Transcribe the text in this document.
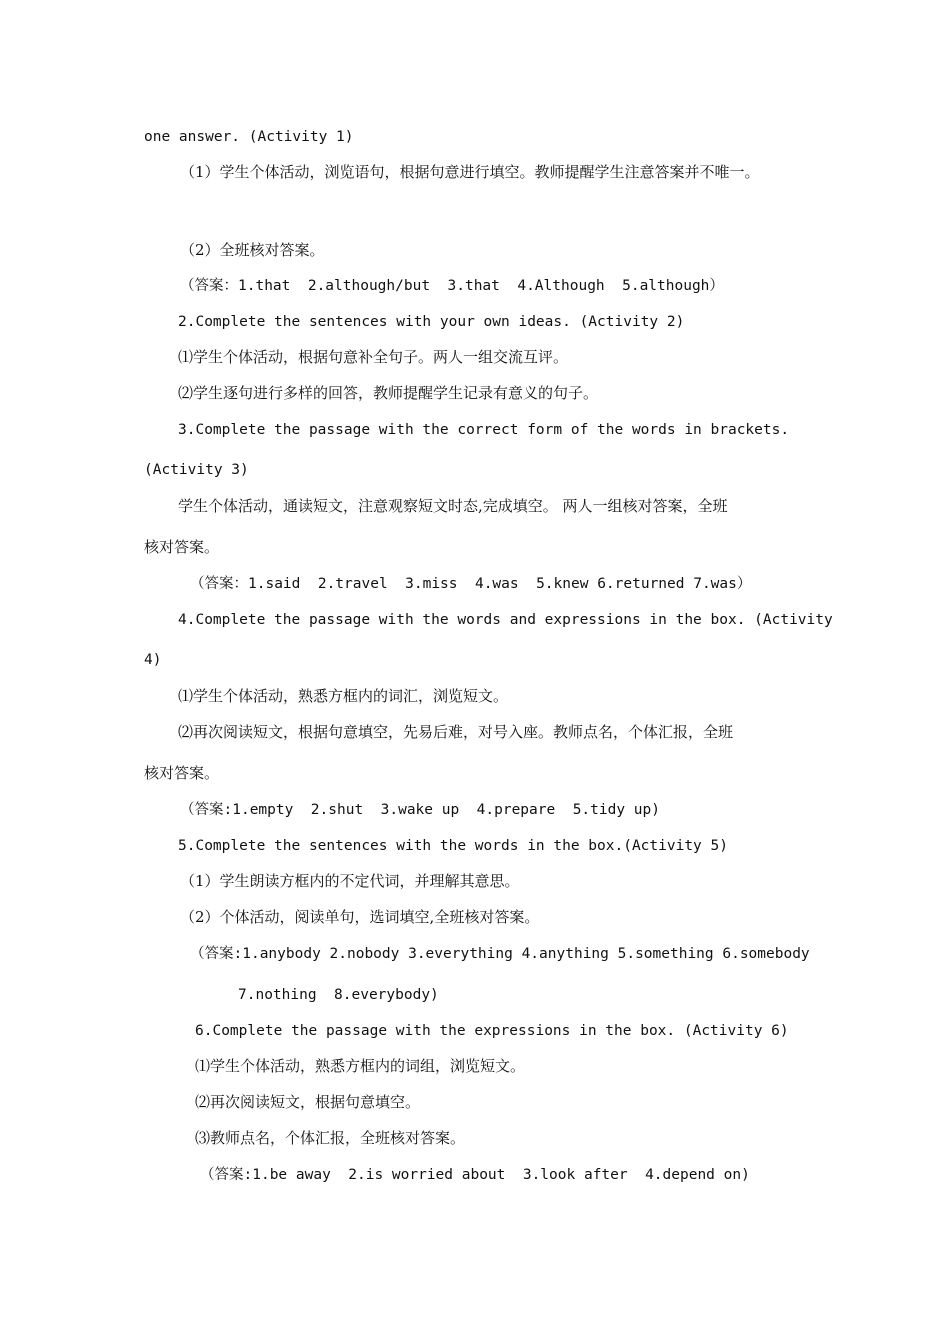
one answer. (Activity 1)
（1）学生个体活动，浏览语句，根据句意进行填空。教师提醒学生注意答案并不唯一。
（2）全班核对答案。
（答案：1.that  2.although/but  3.that  4.Although  5.although）
2.Complete the sentences with your own ideas. (Activity 2)
⑴学生个体活动，根据句意补全句子。两人一组交流互评。
⑵学生逐句进行多样的回答，教师提醒学生记录有意义的句子。
3.Complete the passage with the correct form of the words in brackets.
(Activity 3)
学生个体活动，通读短文，注意观察短文时态,完成填空。 两人一组核对答案，全班
核对答案。
（答案：1.said  2.travel  3.miss  4.was  5.knew 6.returned 7.was）
4.Complete the passage with the words and expressions in the box. (Activity
4)
⑴学生个体活动，熟悉方框内的词汇，浏览短文。
⑵再次阅读短文，根据句意填空，先易后难，对号入座。教师点名，个体汇报，全班
核对答案。
（答案:1.empty  2.shut  3.wake up  4.prepare  5.tidy up)
5.Complete the sentences with the words in the box.(Activity 5)
（1）学生朗读方框内的不定代词，并理解其意思。
（2）个体活动，阅读单句，选词填空,全班核对答案。
（答案:1.anybody 2.nobody 3.everything 4.anything 5.something 6.somebody
7.nothing  8.everybody)
6.Complete the passage with the expressions in the box. (Activity 6)
⑴学生个体活动，熟悉方框内的词组，浏览短文。
⑵再次阅读短文，根据句意填空。
⑶教师点名，个体汇报，全班核对答案。
（答案:1.be away  2.is worried about  3.look after  4.depend on)
